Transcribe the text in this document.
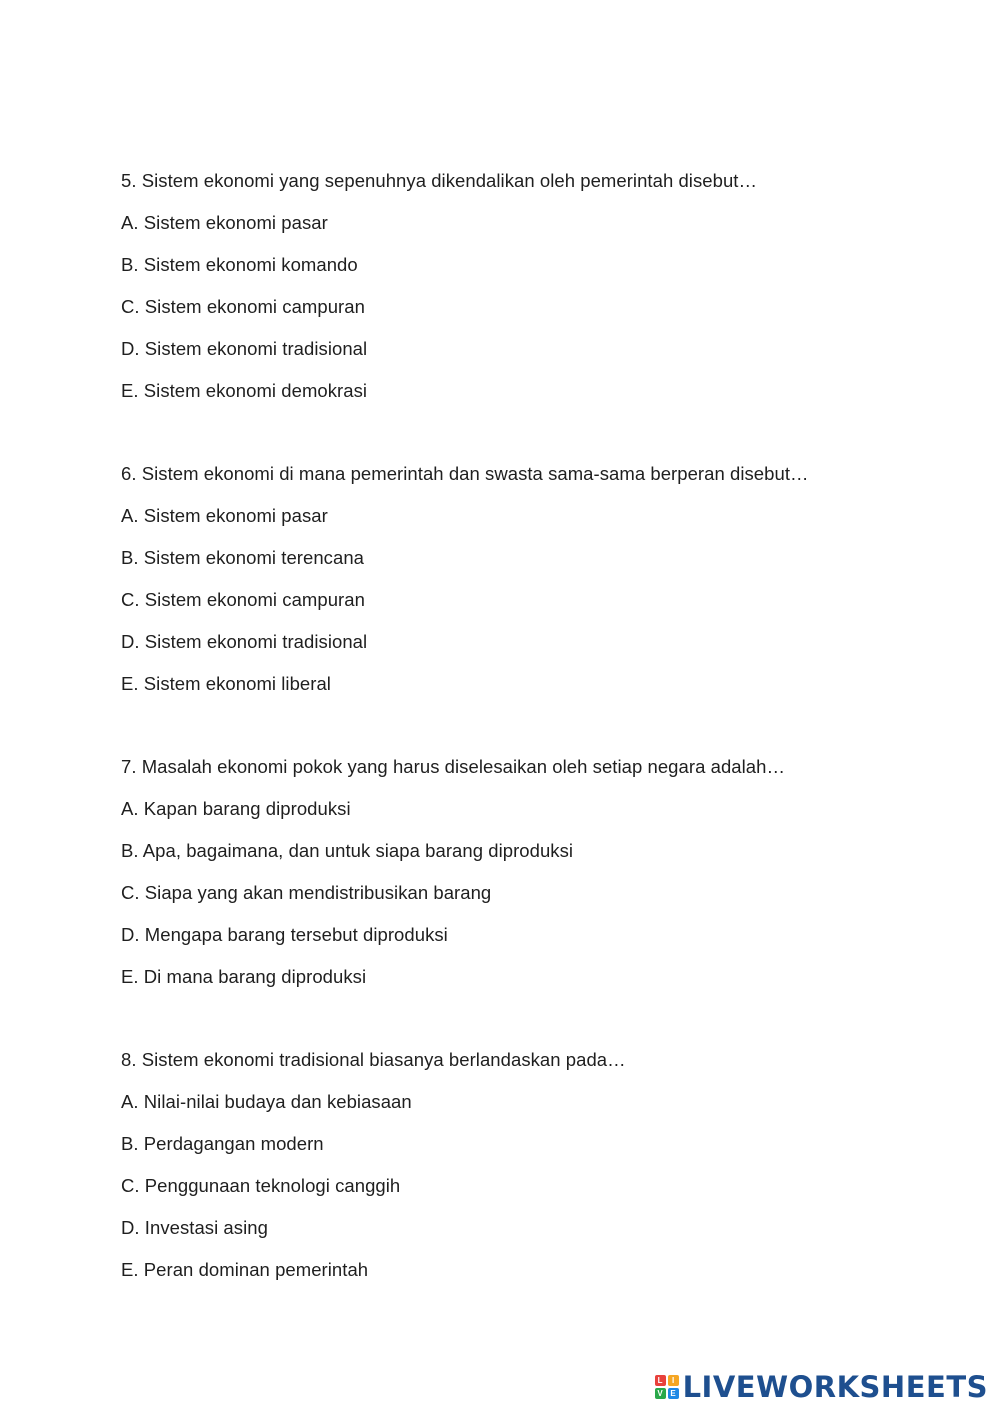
5. Sistem ekonomi yang sepenuhnya dikendalikan oleh pemerintah disebut…
A. Sistem ekonomi pasar
B. Sistem ekonomi komando
C. Sistem ekonomi campuran
D. Sistem ekonomi tradisional
E. Sistem ekonomi demokrasi
6. Sistem ekonomi di mana pemerintah dan swasta sama-sama berperan disebut…
A. Sistem ekonomi pasar
B. Sistem ekonomi terencana
C. Sistem ekonomi campuran
D. Sistem ekonomi tradisional
E. Sistem ekonomi liberal
7. Masalah ekonomi pokok yang harus diselesaikan oleh setiap negara adalah…
A. Kapan barang diproduksi
B. Apa, bagaimana, dan untuk siapa barang diproduksi
C. Siapa yang akan mendistribusikan barang
D. Mengapa barang tersebut diproduksi
E. Di mana barang diproduksi
8. Sistem ekonomi tradisional biasanya berlandaskan pada…
A. Nilai-nilai budaya dan kebiasaan
B. Perdagangan modern
C. Penggunaan teknologi canggih
D. Investasi asing
E. Peran dominan pemerintah
L	I
V E LIVEWORKSHEETS
